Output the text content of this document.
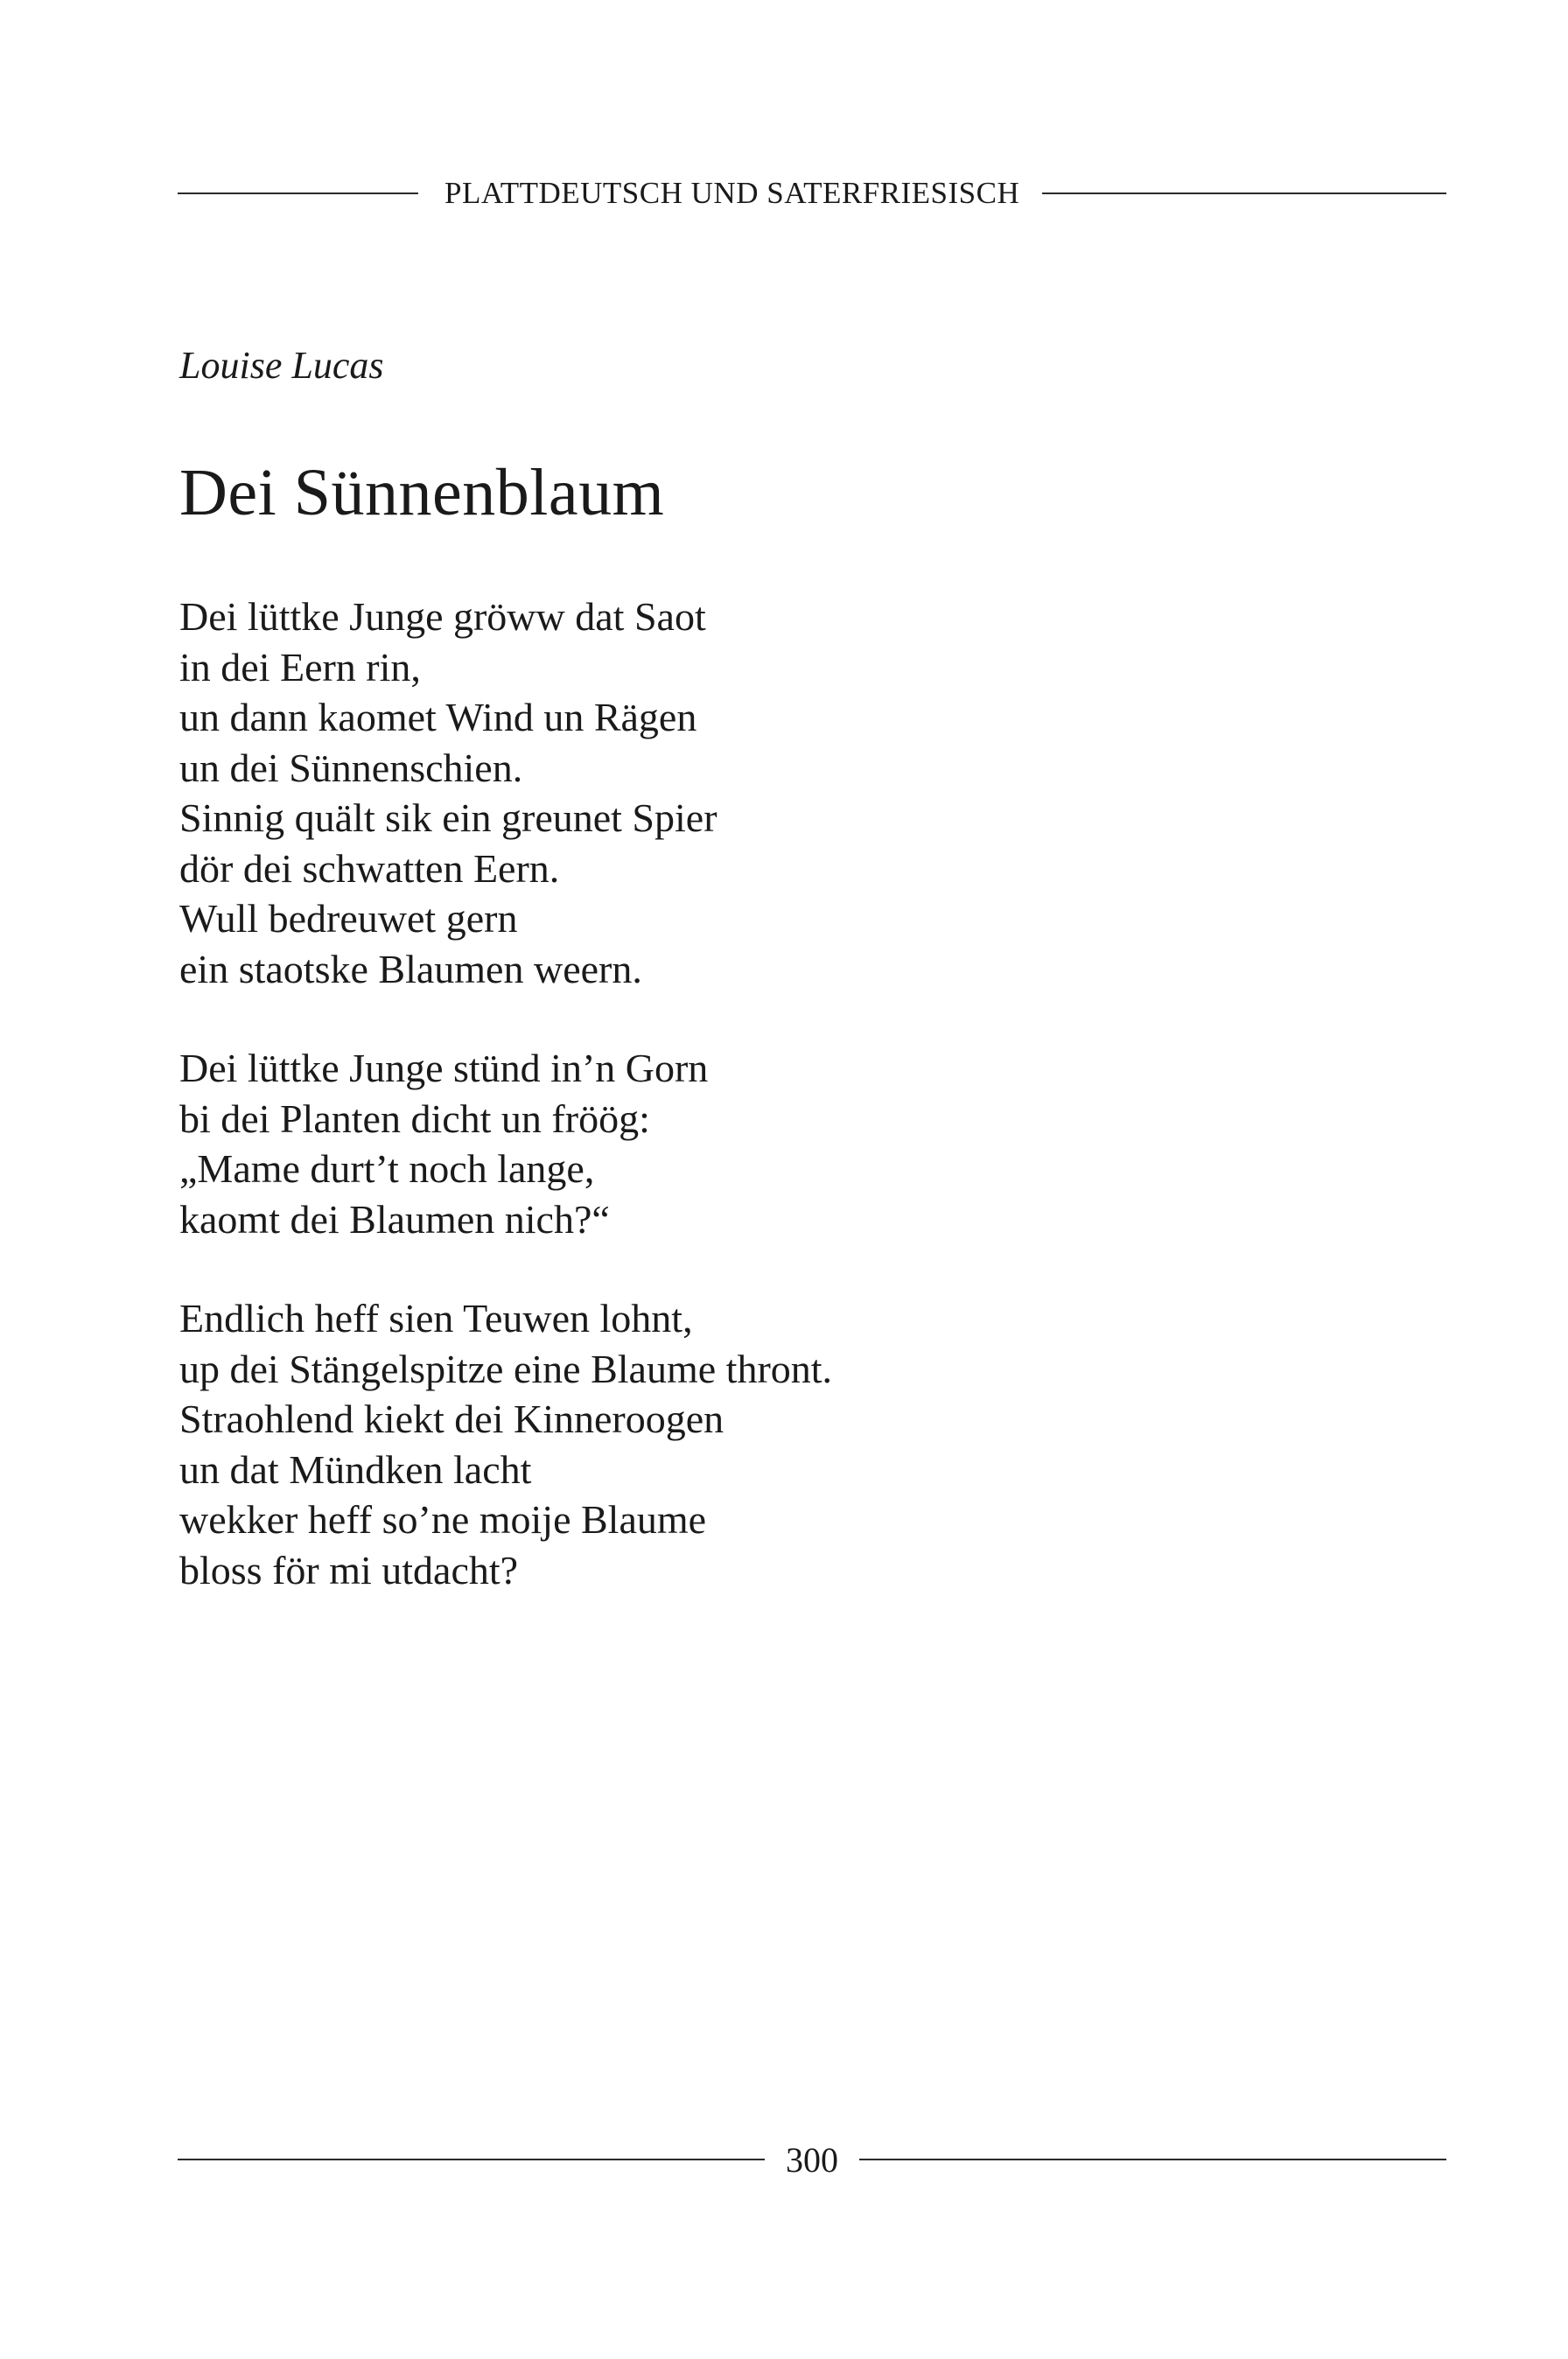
PLATTDEUTSCH UND SATERFRIESISCH
Louise Lucas
Dei Sünnenblaum
Dei lüttke Junge gröww dat Saot
in dei Eern rin,
un dann kaomet Wind un Rägen
un dei Sünnenschien.
Sinnig quält sik ein greunet Spier
dör dei schwatten Eern.
Wull bedreuwet gern
ein staotske Blaumen weern.
Dei lüttke Junge stünd in’n Gorn
bi dei Planten dicht un fröög:
„Mame durt’t noch lange,
kaomt dei Blaumen nich?“
Endlich heff sien Teuwen lohnt,
up dei Stängelspitze eine Blaume thront.
Straohlend kiekt dei Kinneroogen
un dat Mündken lacht
wekker heff so’ne moije Blaume
bloss för mi utdacht?
300
